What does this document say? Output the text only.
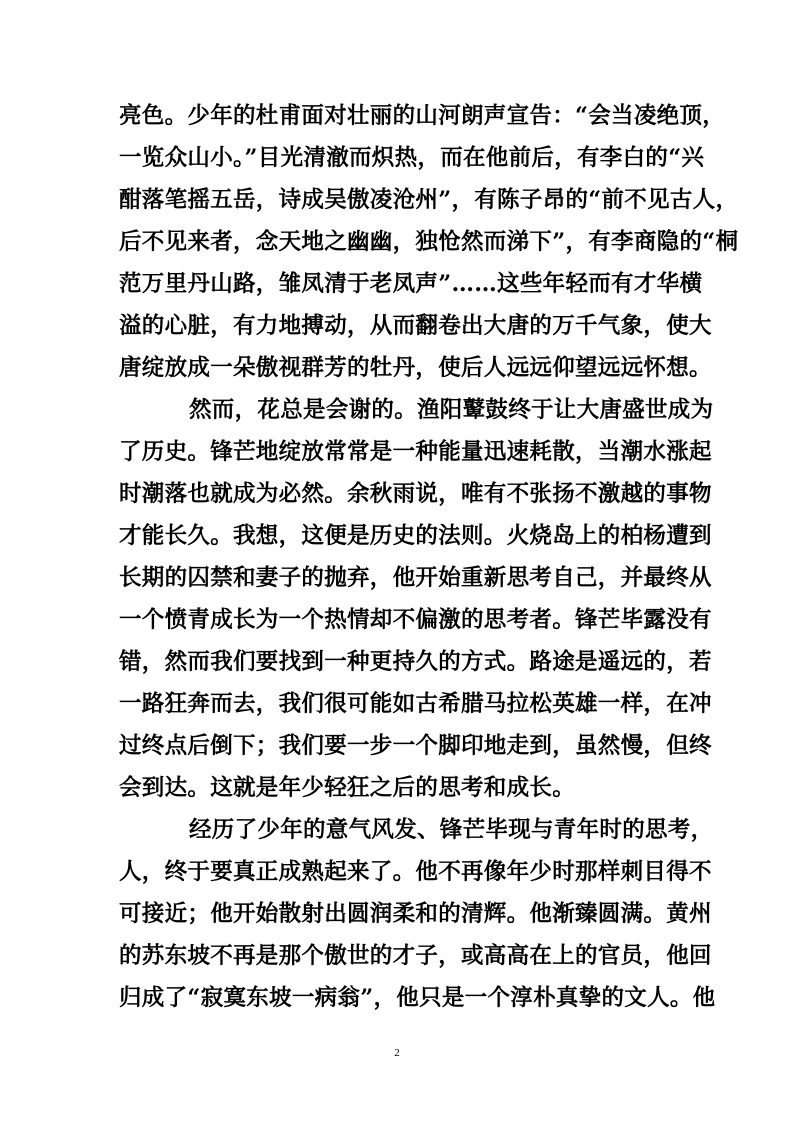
亮色。少年的杜甫面对壮丽的山河朗声宣告：“会当凌绝顶，
一览众山小。”目光清澈而炽热，而在他前后，有李白的“兴
酣落笔摇五岳，诗成吴傲凌沧州”，有陈子昂的“前不见古人，
后不见来者，念天地之幽幽，独怆然而涕下”，有李商隐的“桐
范万里丹山路，雏凤清于老凤声”……这些年轻而有才华横
溢的心脏，有力地搏动，从而翻卷出大唐的万千气象，使大
唐绽放成一朵傲视群芳的牡丹，使后人远远仰望远远怀想。
然而，花总是会谢的。渔阳鼙鼓终于让大唐盛世成为
了历史。锋芒地绽放常常是一种能量迅速耗散，当潮水涨起
时潮落也就成为必然。余秋雨说，唯有不张扬不激越的事物
才能长久。我想，这便是历史的法则。火烧岛上的柏杨遭到
长期的囚禁和妻子的抛弃，他开始重新思考自己，并最终从
一个愤青成长为一个热情却不偏激的思考者。锋芒毕露没有
错，然而我们要找到一种更持久的方式。路途是遥远的，若
一路狂奔而去，我们很可能如古希腊马拉松英雄一样，在冲
过终点后倒下；我们要一步一个脚印地走到，虽然慢，但终
会到达。这就是年少轻狂之后的思考和成长。
经历了少年的意气风发、锋芒毕现与青年时的思考，
人，终于要真正成熟起来了。他不再像年少时那样刺目得不
可接近；他开始散射出圆润柔和的清辉。他渐臻圆满。黄州
的苏东坡不再是那个傲世的才子，或高高在上的官员，他回
归成了“寂寞东坡一病翁”，他只是一个淳朴真挚的文人。他
2
